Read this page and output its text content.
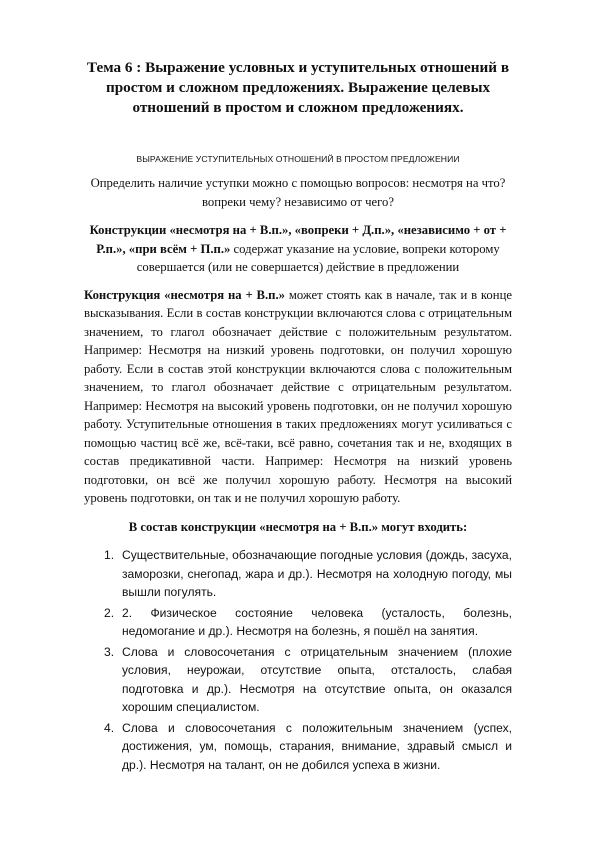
Тема 6 : Выражение условных и уступительных отношений в простом и сложном предложениях. Выражение целевых отношений в простом и сложном предложениях.

ВЫРАЖЕНИЕ УСТУПИТЕЛЬНЫХ ОТНОШЕНИЙ В ПРОСТОМ ПРЕДЛОЖЕНИИ

Определить наличие уступки можно с помощью вопросов: несмотря на что? вопреки чему? независимо от чего?

Конструкции «несмотря на + В.п.», «вопреки + Д.п.», «независимо + от + Р.п.», «при всём + П.п.» содержат указание на условие, вопреки которому совершается (или не совершается) действие в предложении

Конструкция «несмотря на + В.п.» может стоять как в начале, так и в конце высказывания. Если в состав конструкции включаются слова с отрицательным значением, то глагол обозначает действие с положительным результатом. Например: Несмотря на низкий уровень подготовки, он получил хорошую работу. Если в состав этой конструкции включаются слова с положительным значением, то глагол обозначает действие с отрицательным результатом. Например: Несмотря на высокий уровень подготовки, он не получил хорошую работу. Уступительные отношения в таких предложениях могут усиливаться с помощью частиц всё же, всё-таки, всё равно, сочетания так и не, входящих в состав предикативной части. Например: Несмотря на низкий уровень подготовки, он всё же получил хорошую работу. Несмотря на высокий уровень подготовки, он так и не получил хорошую работу.

В состав конструкции «несмотря на + В.п.» могут входить:

1. Существительные, обозначающие погодные условия (дождь, засуха, заморозки, снегопад, жара и др.). Несмотря на холодную погоду, мы вышли погулять.
2. 2. Физическое состояние человека (усталость, болезнь, недомогание и др.). Несмотря на болезнь, я пошёл на занятия.
3. Слова и словосочетания с отрицательным значением (плохие условия, неурожаи, отсутствие опыта, отсталость, слабая подготовка и др.). Несмотря на отсутствие опыта, он оказался хорошим специалистом.
4. Слова и словосочетания с положительным значением (успех, достижения, ум, помощь, старания, внимание, здравый смысл и др.). Несмотря на талант, он не добился успеха в жизни.
